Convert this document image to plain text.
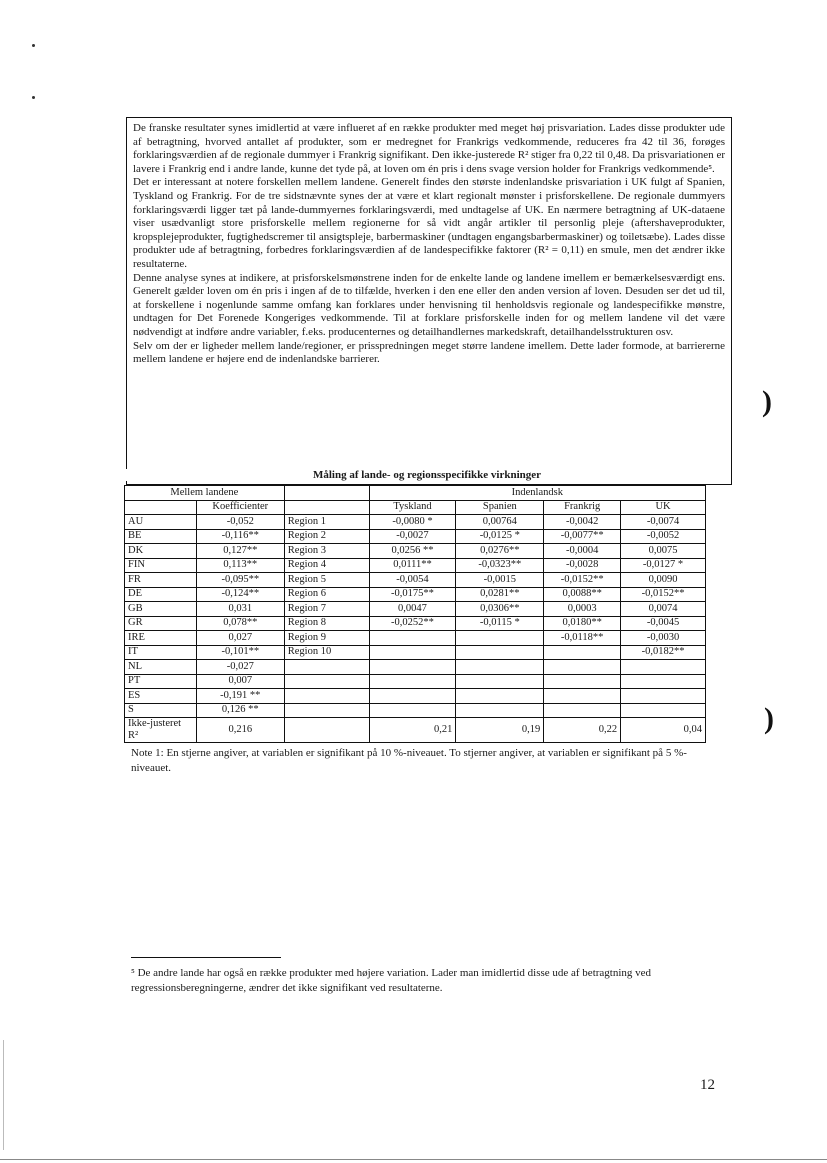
De franske resultater synes imidlertid at være influeret af en række produkter med meget høj prisvariation. Lades disse produkter ude af betragtning, hvorved antallet af produkter, som er medregnet for Frankrigs vedkommende, reduceres fra 42 til 36, forøges forklaringsværdien af de regionale dummyer i Frankrig signifikant. Den ikke-justerede R² stiger fra 0,22 til 0,48. Da prisvariationen er lavere i Frankrig end i andre lande, kunne det tyde på, at loven om én pris i dens svage version holder for Frankrigs vedkommende⁵.

Det er interessant at notere forskellen mellem landene. Generelt findes den største indenlandske prisvariation i UK fulgt af Spanien, Tyskland og Frankrig. For de tre sidstnævnte synes der at være et klart regionalt mønster i prisforskellene. De regionale dummyers forklaringsværdi ligger tæt på lande-dummyernes forklaringsværdi, med undtagelse af UK. En nærmere betragtning af UK-dataene viser usædvanligt store prisforskelle mellem regionerne for så vidt angår artikler til personlig pleje (aftershaveprodukter, kropsplejeprodukter, fugtighedscremer til ansigtspleje, barbermaskiner (undtagen engangsbarbermaskiner) og toiletsæbe). Lades disse produkter ude af betragtning, forbedres forklaringsværdien af de landespecifikke faktorer (R² = 0,11) en smule, men det ændrer ikke resultaterne.

Denne analyse synes at indikere, at prisforskelsmønstrene inden for de enkelte lande og landene imellem er bemærkelsesværdigt ens. Generelt gælder loven om én pris i ingen af de to tilfælde, hverken i den ene eller den anden version af loven. Desuden ser det ud til, at forskellene i nogenlunde samme omfang kan forklares under henvisning til henholdsvis regionale og landespecifikke mønstre, undtagen for Det Forenede Kongeriges vedkommende. Til at forklare prisforskelle inden for og mellem landene vil det være nødvendigt at indføre andre variabler, f.eks. producenternes og detailhandlernes markedskraft, detailhandelsstrukturen osv.

Selv om der er ligheder mellem lande/regioner, er prisspredningen meget større landene imellem. Dette lader formode, at barriererne mellem landene er højere end de indenlandske barrierer.

Måling af lande- og regionsspecifikke virkninger
Mellem landene			Indenlandsk			
	Koefficienter		Tyskland	Spanien	Frankrig	UK
AU	-0,052	Region 1	-0,0080 *	0,00764	-0,0042	-0,0074
BE	-0,116**	Region 2	-0,0027	-0,0125 *	-0,0077**	-0,0052
DK	0,127**	Region 3	0,0256 **	0,0276**	-0,0004	0,0075
FIN	0,113**	Region 4	0,0111**	-0,0323**	-0,0028	-0,0127 *
FR	-0,095**	Region 5	-0,0054	-0,0015	-0,0152**	0,0090
DE	-0,124**	Region 6	-0,0175**	0,0281**	0,0088**	-0,0152**
GB	0,031	Region 7	0,0047	0,0306**	0,0003	0,0074
GR	0,078**	Region 8	-0,0252**	-0,0115 *	0,0180**	-0,0045
IRE	0,027	Region 9			-0,0118**	-0,0030
IT	-0,101**	Region 10				-0,0182**
NL	-0,027					
PT	0,007					
ES	-0,191 **					
S	0,126 **					
Ikke-justeret R²	0,216		0,21	0,19	0,22	0,04
Note 1: En stjerne angiver, at variablen er signifikant på 10 %-niveauet. To stjerner angiver, at variablen er signifikant på 5 %-niveauet.
⁵ De andre lande har også en række produkter med højere variation. Lader man imidlertid disse ude af betragtning ved regressionsberegningerne, ændrer det ikke signifikant ved resultaterne.
12
)
)
